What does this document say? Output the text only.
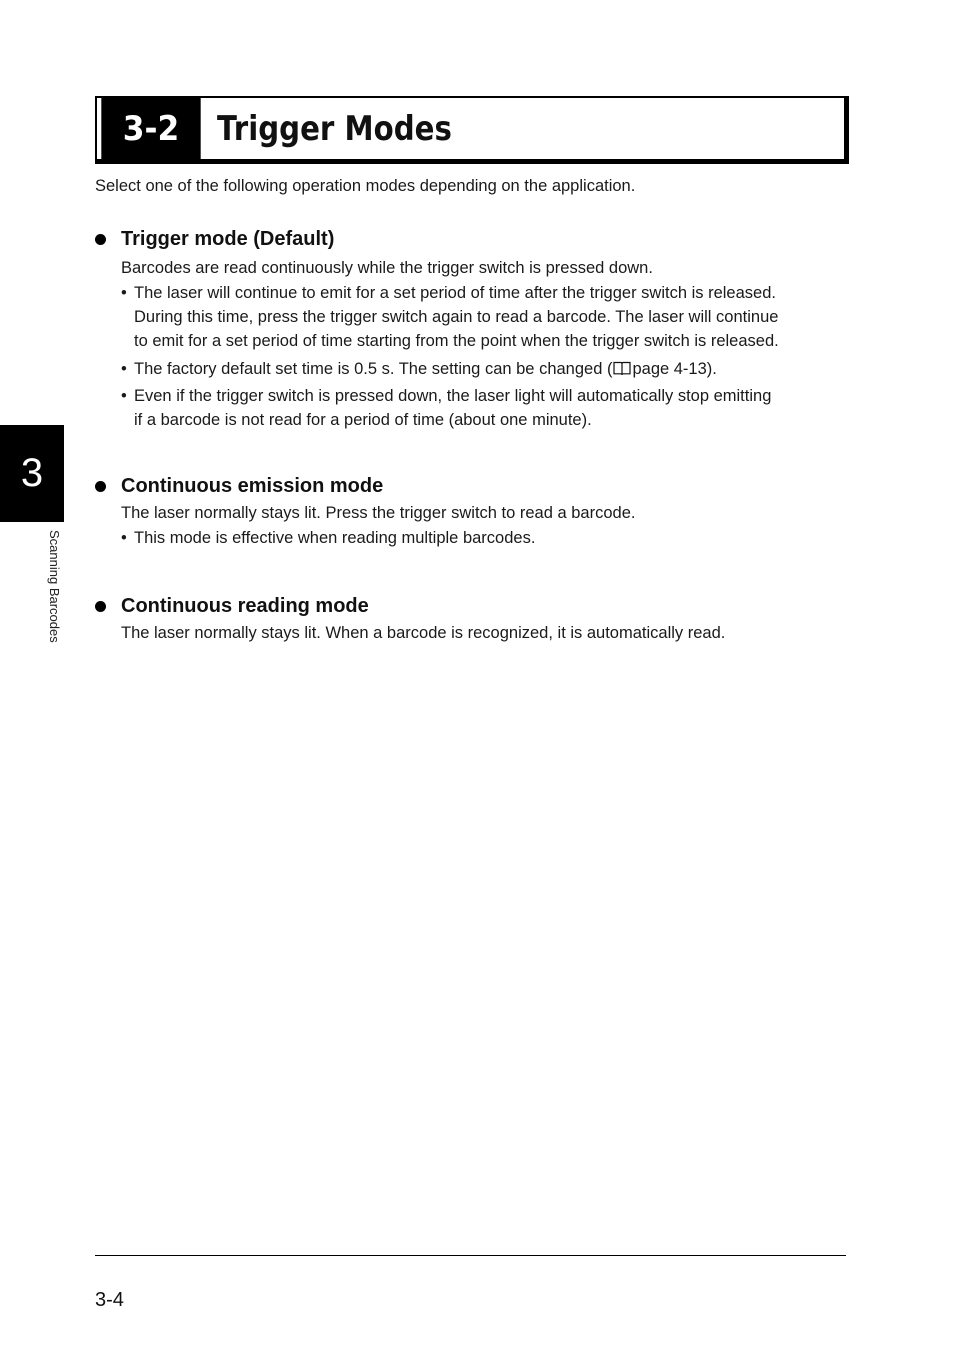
3-2	Trigger Modes
Select one of the following operation modes depending on the application.
Trigger mode (Default)
Barcodes are read continuously while the trigger switch is pressed down.
• The laser will continue to emit for a set period of time after the trigger switch is released.
During this time, press the trigger switch again to read a barcode. The laser will continue
to emit for a set period of time starting from the point when the trigger switch is released.
• The factory default set time is 0.5 s. The setting can be changed ( page 4-13).
• Even if the trigger switch is pressed down, the laser light will automatically stop emitting
if a barcode is not read for a period of time (about one minute).
Continuous emission mode
The laser normally stays lit. Press the trigger switch to read a barcode.
• This mode is effective when reading multiple barcodes.
Continuous reading mode
The laser normally stays lit. When a barcode is recognized, it is automatically read.
3
Scanning Barcodes
3-4
